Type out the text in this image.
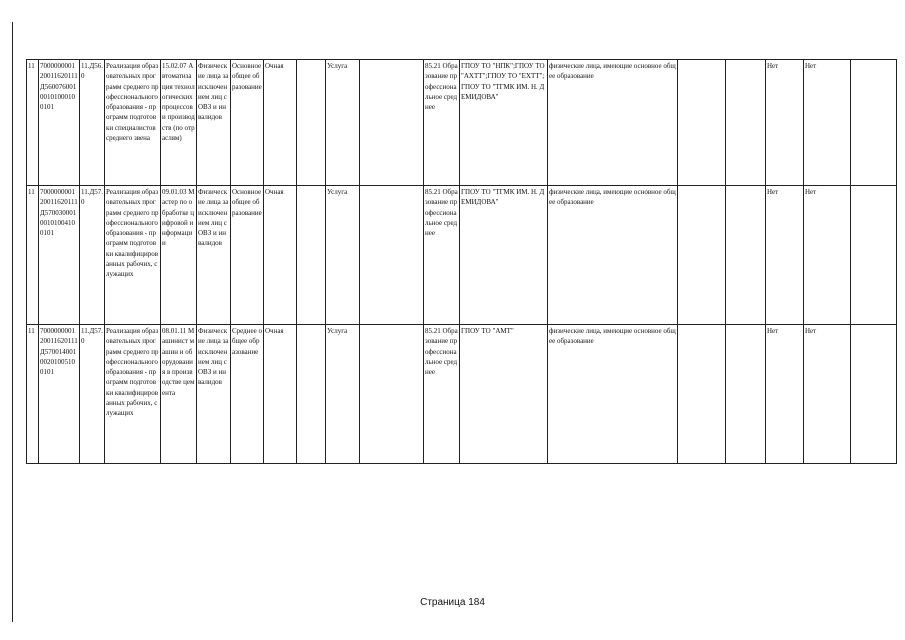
11	700000000120011620111Д56007600100101000100101	11.Д56.0	Реализация образовательных программ среднего профессионального образования - программ подготовки специалистов среднего звена	15.02.07 Автоматизация технологических процессов и производств (по отраслям)	Физические лица за исключением лиц с ОВЗ и инвалидов	Основное общее образование	Очная		Услуга		85.21 Образование профессиональное среднее	ГПОУ ТО "НПК";ГПОУ ТО "АХТТ";ГПОУ ТО "ЕХТТ";ГПОУ ТО "ТГМК ИМ. Н. ДЕМИДОВА"	физические лица, имеющие основное общее образование			Нет	Нет	
11	700000000120011620111Д57003000100101004100101	11.Д57.0	Реализация образовательных программ среднего профессионального образования - программ подготовки квалифицированных рабочих, служащих	09.01.03 Мастер по обработке цифровой информации	Физические лица за исключением лиц с ОВЗ и инвалидов	Основное общее образование	Очная		Услуга		85.21 Образование профессиональное среднее	ГПОУ ТО "ТГМК ИМ. Н. ДЕМИДОВА"	физические лица, имеющие основное общее образование			Нет	Нет	
11	700000000120011620111Д57001400100201005100101	11.Д57.0	Реализация образовательных программ среднего профессионального образования - программ подготовки квалифицированных рабочих, служащих	08.01.11 Машинист машин и оборудования в производстве цемента	Физические лица за исключением лиц с ОВЗ и инвалидов	Среднее общее образование	Очная		Услуга		85.21 Образование профессиональное среднее	ГПОУ ТО "АМТ"	физические лица, имеющие основное общее образование			Нет	Нет	
Страница 184
